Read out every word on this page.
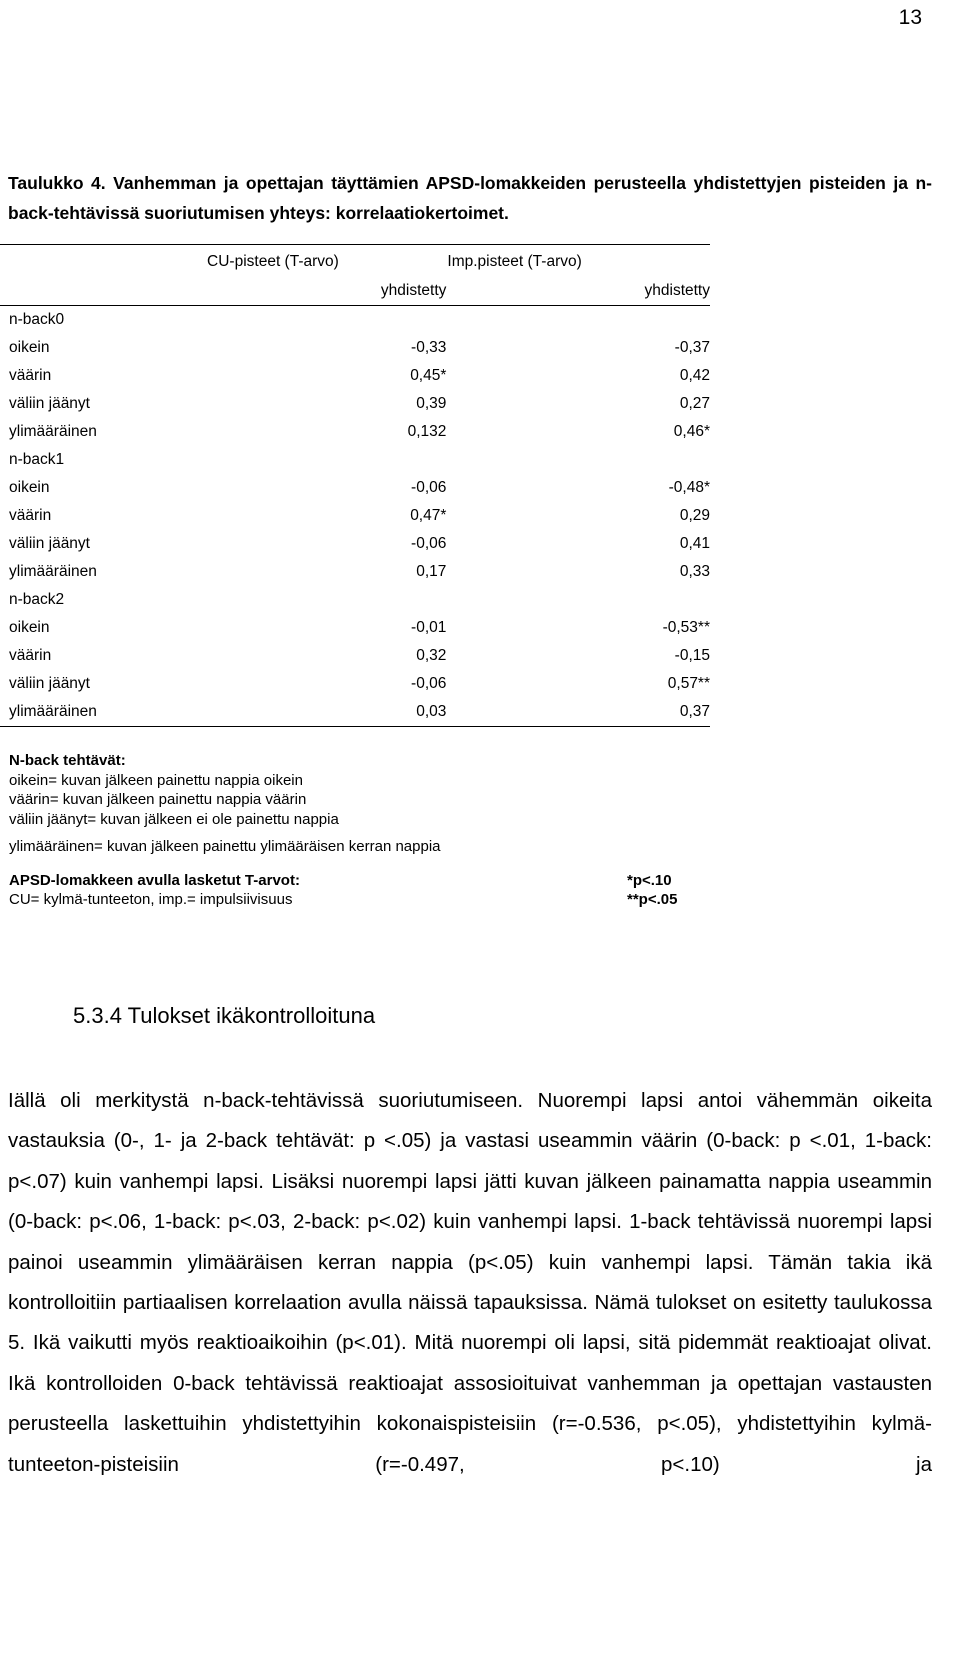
13
Taulukko 4. Vanhemman ja opettajan täyttämien APSD-lomakkeiden perusteella yhdistettyjen pisteiden ja n-back-tehtävissä suoriutumisen yhteys: korrelaatiokertoimet.
	CU-pisteet (T-arvo)	Imp.pisteet (T-arvo)
	yhdistetty	yhdistetty
n-back0		
oikein	-0,33	-0,37
väärin	0,45*	0,42
väliin jäänyt	0,39	0,27
ylimääräinen	0,132	0,46*
n-back1		
oikein	-0,06	-0,48*
väärin	0,47*	0,29
väliin jäänyt	-0,06	0,41
ylimääräinen	0,17	0,33
n-back2		
oikein	-0,01	-0,53**
väärin	0,32	-0,15
väliin jäänyt	-0,06	0,57**
ylimääräinen	0,03	0,37
N-back tehtävät:
oikein= kuvan jälkeen painettu nappia oikein
väärin= kuvan jälkeen painettu nappia väärin
väliin jäänyt= kuvan jälkeen ei ole painettu nappia
ylimääräinen= kuvan jälkeen painettu ylimääräisen kerran nappia
APSD-lomakkeen avulla lasketut T-arvot:	*p<.10
CU= kylmä-tunteeton, imp.= impulsiivisuus	**p<.05
5.3.4 Tulokset ikäkontrolloituna
Iällä oli merkitystä n-back-tehtävissä suoriutumiseen. Nuorempi lapsi antoi vähemmän oikeita vastauksia (0-, 1- ja 2-back tehtävät: p <.05) ja vastasi useammin väärin (0-back: p <.01, 1-back: p<.07) kuin vanhempi lapsi. Lisäksi nuorempi lapsi jätti kuvan jälkeen painamatta nappia useammin (0-back: p<.06, 1-back: p<.03, 2-back: p<.02) kuin vanhempi lapsi. 1-back tehtävissä nuorempi lapsi painoi useammin ylimääräisen kerran nappia (p<.05) kuin vanhempi lapsi. Tämän takia ikä kontrolloitiin partiaalisen korrelaation avulla näissä tapauksissa. Nämä tulokset on esitetty taulukossa 5. Ikä vaikutti myös reaktioaikoihin (p<.01). Mitä nuorempi oli lapsi, sitä pidemmät reaktioajat olivat. Ikä kontrolloiden 0-back tehtävissä reaktioajat assosioituivat vanhemman ja opettajan vastausten perusteella laskettuihin yhdistettyihin kokonaispisteisiin (r=-0.536, p<.05), yhdistettyihin kylmä-tunteeton-pisteisiin (r=-0.497, p<.10) ja
